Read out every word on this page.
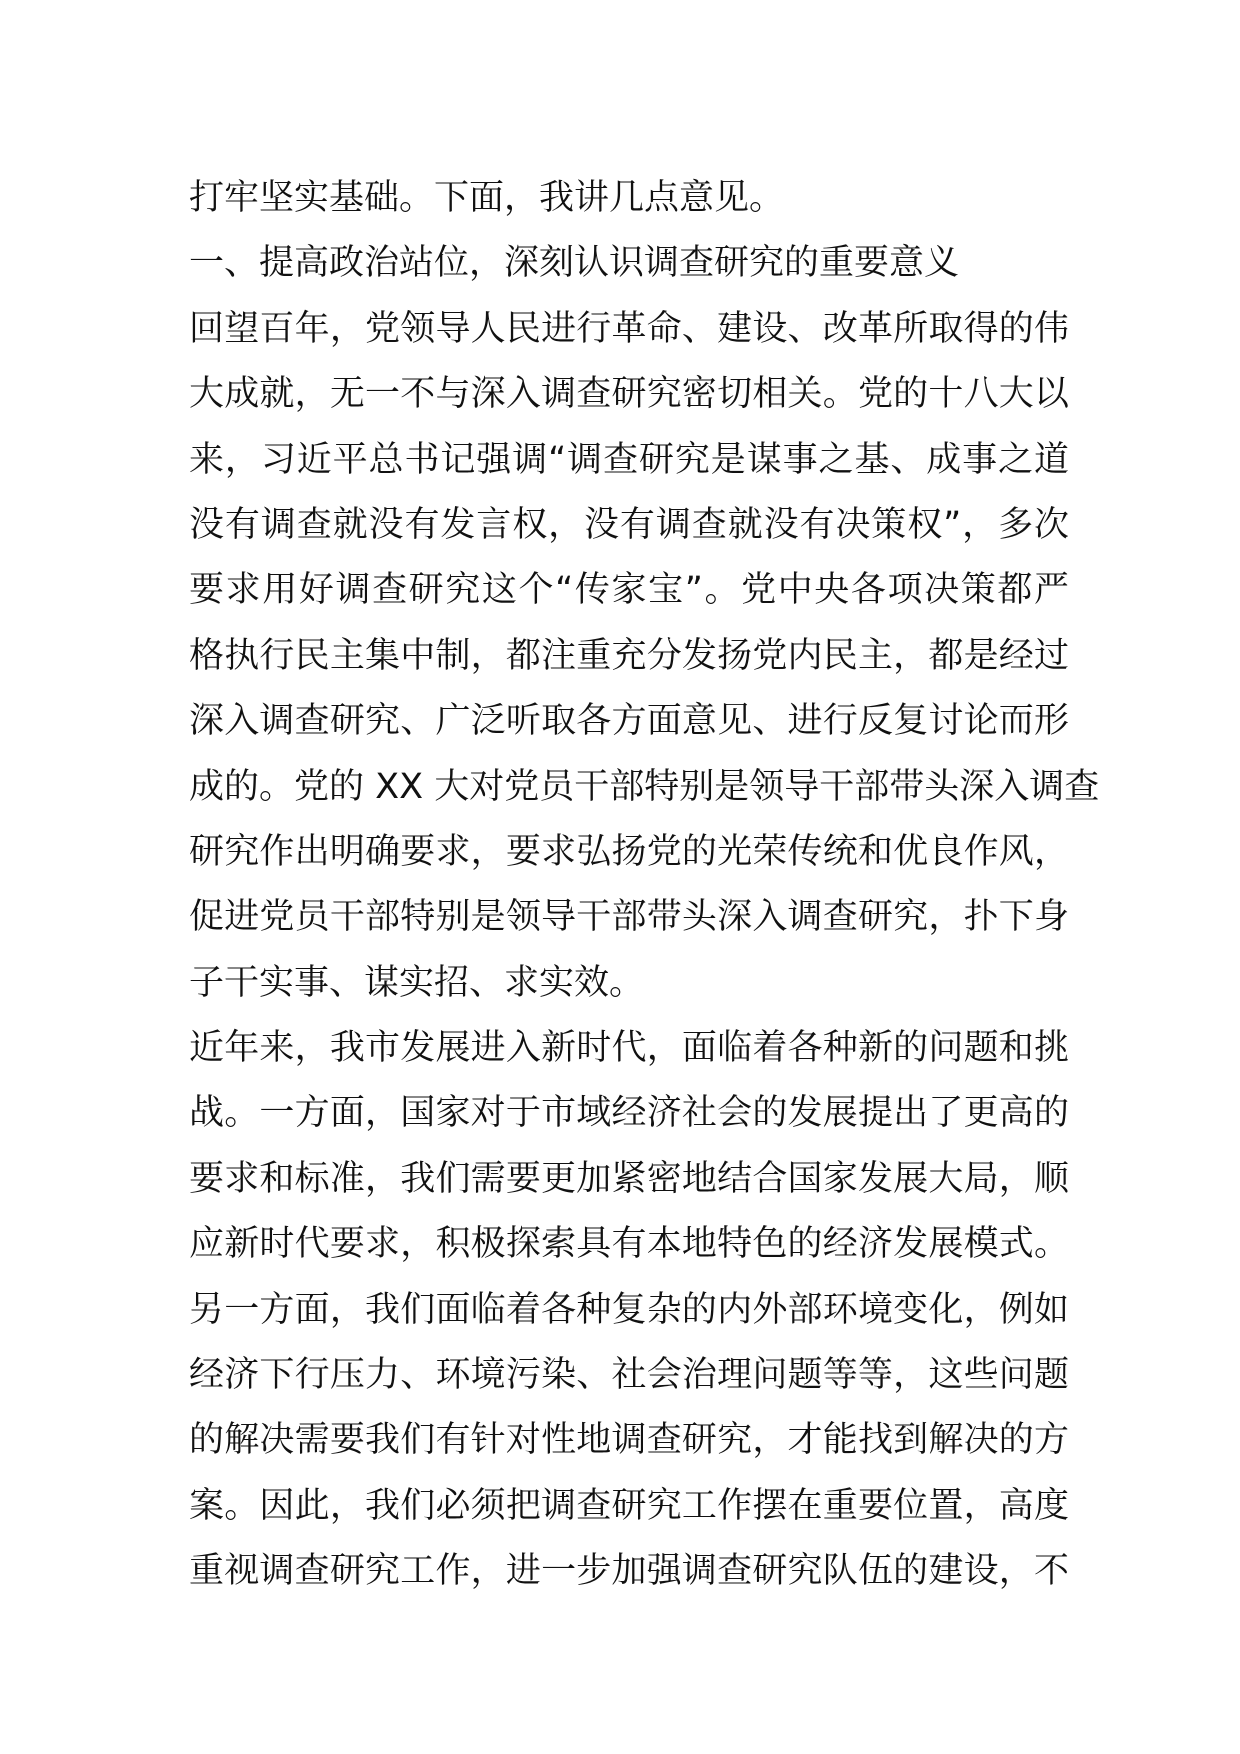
打牢坚实基础。下面，我讲几点意见。
一、提高政治站位，深刻认识调查研究的重要意义
回望百年，党领导人民进行革命、建设、改革所取得的伟
大成就，无一不与深入调查研究密切相关。党的十八大以
来，习近平总书记强调“调查研究是谋事之基、成事之道
没有调查就没有发言权，没有调查就没有决策权”，多次
要求用好调查研究这个“传家宝”。党中央各项决策都严
格执行民主集中制，都注重充分发扬党内民主，都是经过
深入调查研究、广泛听取各方面意见、进行反复讨论而形
成的。党的 XX 大对党员干部特别是领导干部带头深入调查
研究作出明确要求，要求弘扬党的光荣传统和优良作风，
促进党员干部特别是领导干部带头深入调查研究，扑下身
子干实事、谋实招、求实效。
近年来，我市发展进入新时代，面临着各种新的问题和挑
战。一方面，国家对于市域经济社会的发展提出了更高的
要求和标准，我们需要更加紧密地结合国家发展大局，顺
应新时代要求，积极探索具有本地特色的经济发展模式。
另一方面，我们面临着各种复杂的内外部环境变化，例如
经济下行压力、环境污染、社会治理问题等等，这些问题
的解决需要我们有针对性地调查研究，才能找到解决的方
案。因此，我们必须把调查研究工作摆在重要位置，高度
重视调查研究工作，进一步加强调查研究队伍的建设，不
